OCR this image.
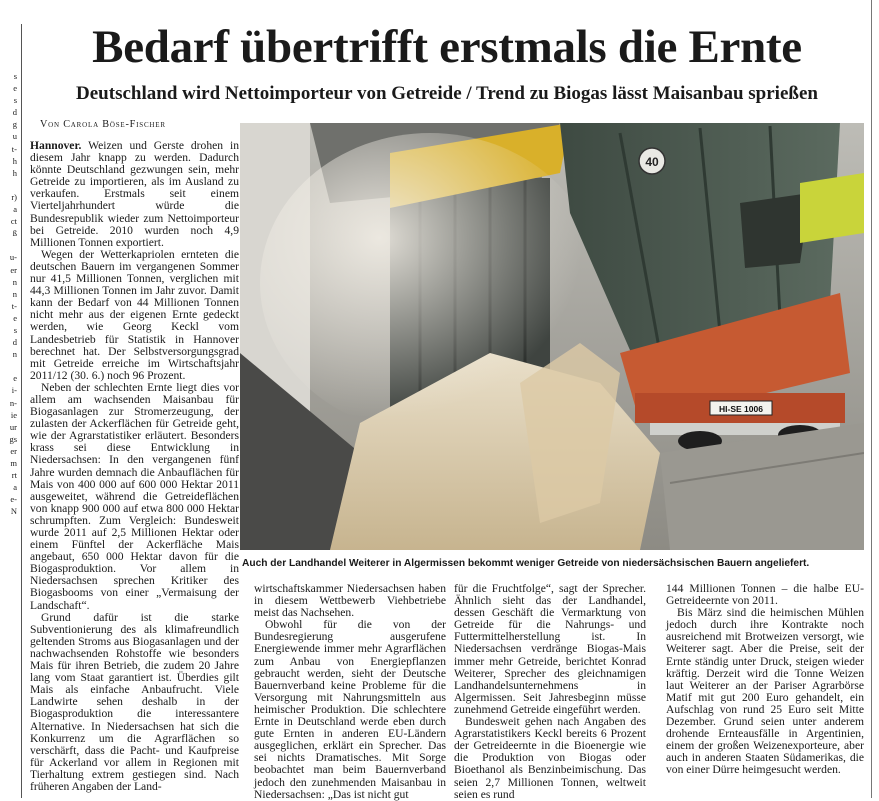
s
e
s
d
g
u
t-
h
h

r)
a
ct
ß

u-
er
n
n
t-
e
s
d
n

e
i-
n-
ie
ur
gs
er
m
rt
a
e-
N
Bedarf übertrifft erstmals die Ernte
Deutschland wird Nettoimporteur von Getreide / Trend zu Biogas lässt Maisanbau sprießen
Von Carola Böse-Fischer

Hannover. Weizen und Gerste drohen in diesem Jahr knapp zu werden. Dadurch könnte Deutschland gezwungen sein, mehr Getreide zu importieren, als im Ausland zu verkaufen. Erstmals seit einem Vierteljahrhundert würde die Bundesrepublik wieder zum Nettoimporteur bei Getreide. 2010 wurden noch 4,9 Millionen Tonnen exportiert.

Wegen der Wetterkapriolen ernteten die deutschen Bauern im vergangenen Sommer nur 41,5 Millionen Tonnen, verglichen mit 44,3 Millionen Tonnen im Jahr zuvor. Damit kann der Bedarf von 44 Millionen Tonnen nicht mehr aus der eigenen Ernte gedeckt werden, wie Georg Keckl vom Landesbetrieb für Statistik in Hannover berechnet hat. Der Selbstversorgungsgrad mit Getreide erreiche im Wirtschaftsjahr 2011/12 (30. 6.) noch 96 Prozent.

Neben der schlechten Ernte liegt dies vor allem am wachsenden Maisanbau für Biogasanlagen zur Stromerzeugung, der zulasten der Ackerflächen für Getreide geht, wie der Agrarstatistiker erläutert. Besonders krass sei diese Entwicklung in Niedersachsen: In den vergangenen fünf Jahre wurden demnach die Anbauflächen für Mais von 400 000 auf 600 000 Hektar 2011 ausgeweitet, während die Getreideflächen von knapp 900 000 auf etwa 800 000 Hektar schrumpften. Zum Vergleich: Bundesweit wurde 2011 auf 2,5 Millionen Hektar oder einem Fünftel der Ackerfläche Mais angebaut, 650 000 Hektar davon für die Biogasproduktion. Vor allem in Niedersachsen sprechen Kritiker des Biogasbooms von einer „Vermaisung der Landschaft“.

Grund dafür ist die starke Subventionierung des als klimafreundlich geltenden Stroms aus Biogasanlagen und der nachwachsenden Rohstoffe wie besonders Mais für ihren Betrieb, die zudem 20 Jahre lang vom Staat garantiert ist. Überdies gilt Mais als einfache Anbaufrucht. Viele Landwirte sehen deshalb in der Biogasproduktion die interessantere Alternative. In Niedersachsen hat sich die Konkurrenz um die Agrarflächen so verschärft, dass die Pacht- und Kaufpreise für Ackerland vor allem in Regionen mit Tierhaltung extrem gestiegen sind. Nach früheren Angaben der Land-

wirtschaftskammer Niedersachsen haben in diesem Wettbewerb Viehbetriebe meist das Nachsehen.

Obwohl für die von der Bundesregierung ausgerufene Energiewende immer mehr Agrarflächen zum Anbau von Energiepflanzen gebraucht werden, sieht der Deutsche Bauernverband keine Probleme für die Versorgung mit Nahrungsmitteln aus heimischer Produktion. Die schlechtere Ernte in Deutschland werde eben durch gute Ernten in anderen EU-Ländern ausgeglichen, erklärt ein Sprecher. Das sei nichts Dramatisches. Mit Sorge beobachtet man beim Bauernverband jedoch den zunehmenden Maisanbau in Niedersachsen: „Das ist nicht gut

für die Fruchtfolge“, sagt der Sprecher. Ähnlich sieht das der Landhandel, dessen Geschäft die Vermarktung von Getreide für die Nahrungs- und Futtermittelherstellung ist. In Niedersachsen verdränge Biogas-Mais immer mehr Getreide, berichtet Konrad Weiterer, Sprecher des gleichnamigen Landhandelsunternehmens in Algermissen. Seit Jahresbeginn müsse zunehmend Getreide eingeführt werden.

Bundesweit gehen nach Angaben des Agrarstatistikers Keckl bereits 6 Prozent der Getreideernte in die Bioenergie wie die Produktion von Biogas oder Bioethanol als Benzinbeimischung. Das seien 2,7 Millionen Tonnen, weltweit seien es rund

144 Millionen Tonnen – die halbe EU-Getreideernte von 2011.

Bis März sind die heimischen Mühlen jedoch durch ihre Kontrakte noch ausreichend mit Brotweizen versorgt, wie Weiterer sagt. Aber die Preise, seit der Ernte ständig unter Druck, steigen wieder kräftig. Derzeit wird die Tonne Weizen laut Weiterer an der Pariser Agrarbörse Matif mit gut 200 Euro gehandelt, ein Aufschlag von rund 25 Euro seit Mitte Dezember. Grund seien unter anderem drohende Ernteausfälle in Argentinien, einem der großen Weizenexporteure, aber auch in anderen Staaten Südamerikas, die von einer Dürre heimgesucht werden.

40
HI-SE 1006
Auch der Landhandel Weiterer in Algermissen bekommt weniger Getreide von niedersächsischen Bauern angeliefert.
